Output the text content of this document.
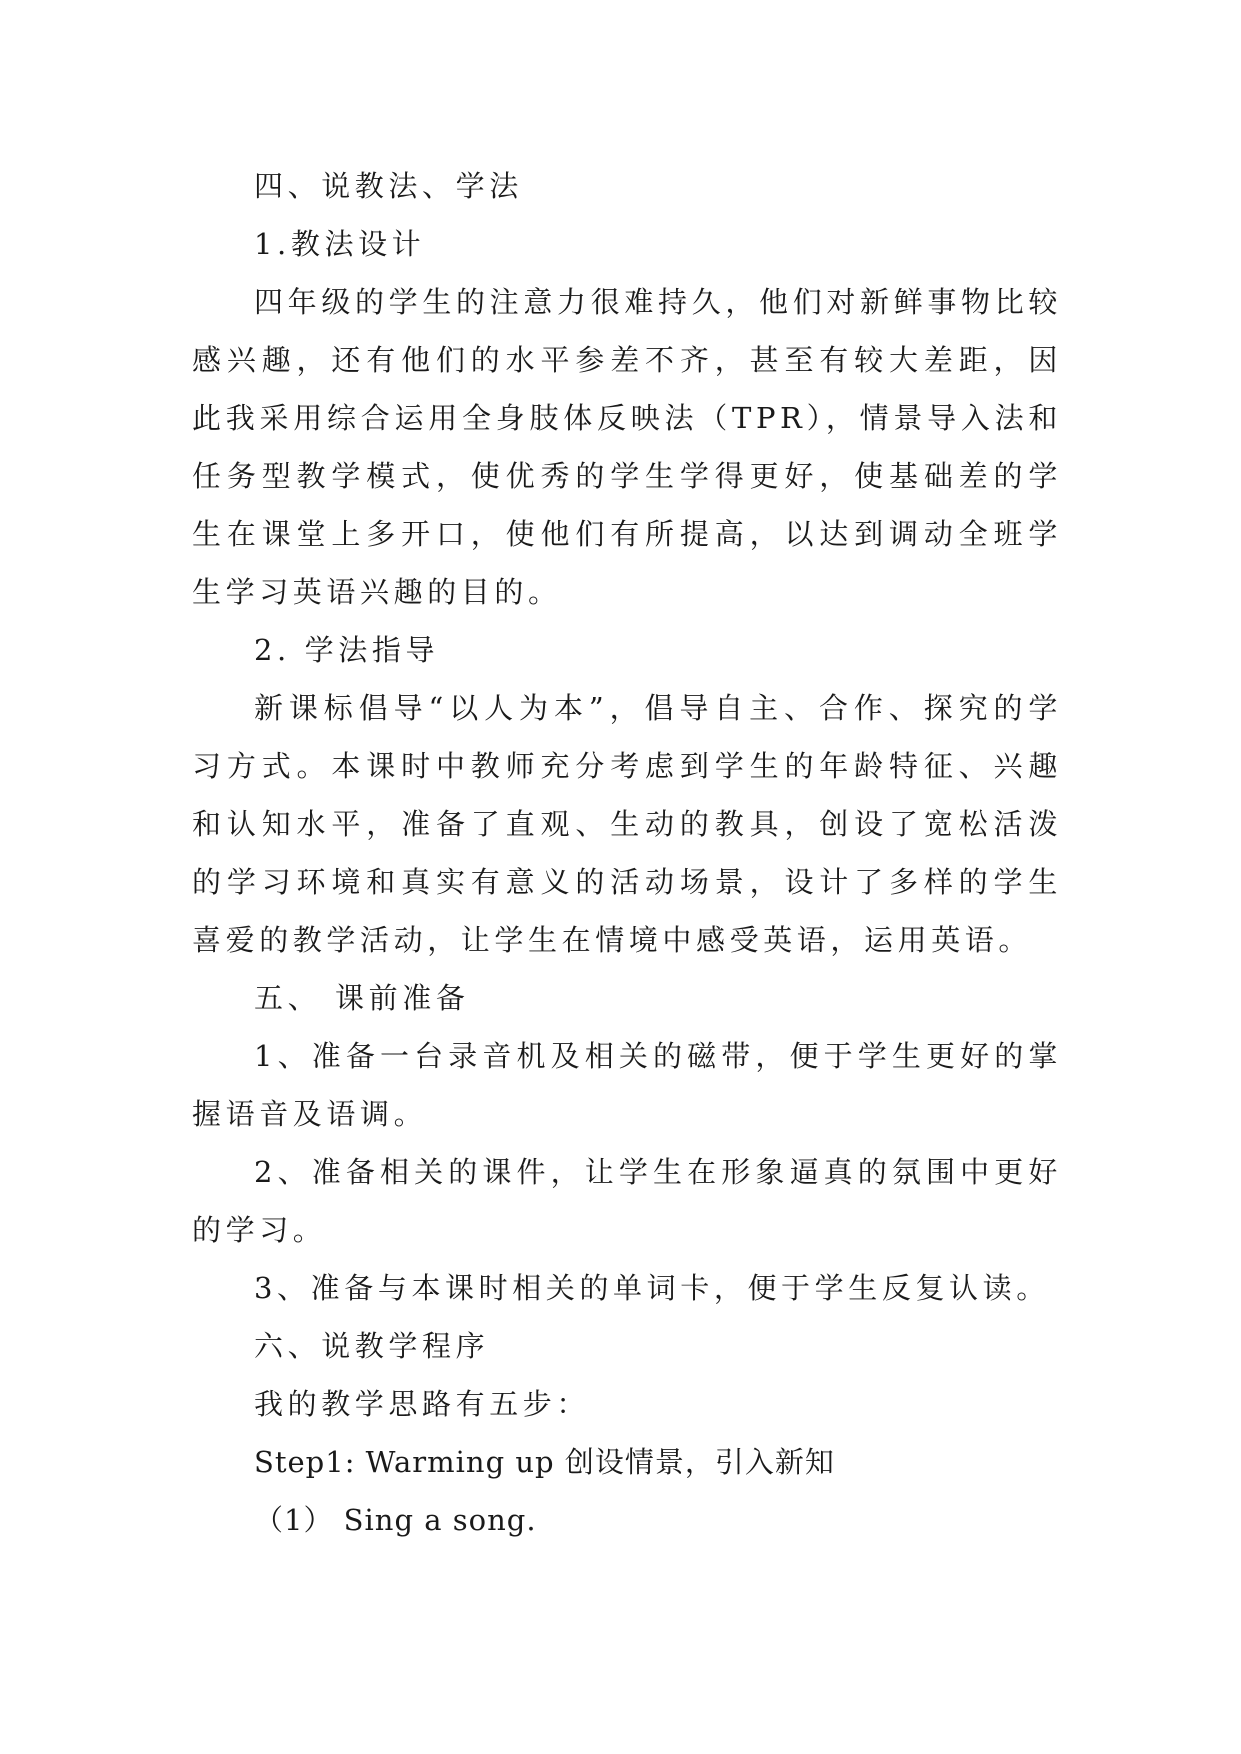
四、说教法、学法

1.教法设计

四年级的学生的注意力很难持久，他们对新鲜事物比较感兴趣，还有他们的水平参差不齐，甚至有较大差距，因此我采用综合运用全身肢体反映法（TPR），情景导入法和任务型教学模式，使优秀的学生学得更好，使基础差的学生在课堂上多开口，使他们有所提高，以达到调动全班学生学习英语兴趣的目的。

2. 学法指导

新课标倡导“以人为本”，倡导自主、合作、探究的学习方式。本课时中教师充分考虑到学生的年龄特征、兴趣和认知水平，准备了直观、生动的教具，创设了宽松活泼的学习环境和真实有意义的活动场景，设计了多样的学生喜爱的教学活动，让学生在情境中感受英语，运用英语。

五、 课前准备

1、准备一台录音机及相关的磁带，便于学生更好的掌握语音及语调。

2、准备相关的课件，让学生在形象逼真的氛围中更好的学习。

3、准备与本课时相关的单词卡，便于学生反复认读。

六、说教学程序

我的教学思路有五步：

Step1: Warming up 创设情景，引入新知

（1） Sing a song.
